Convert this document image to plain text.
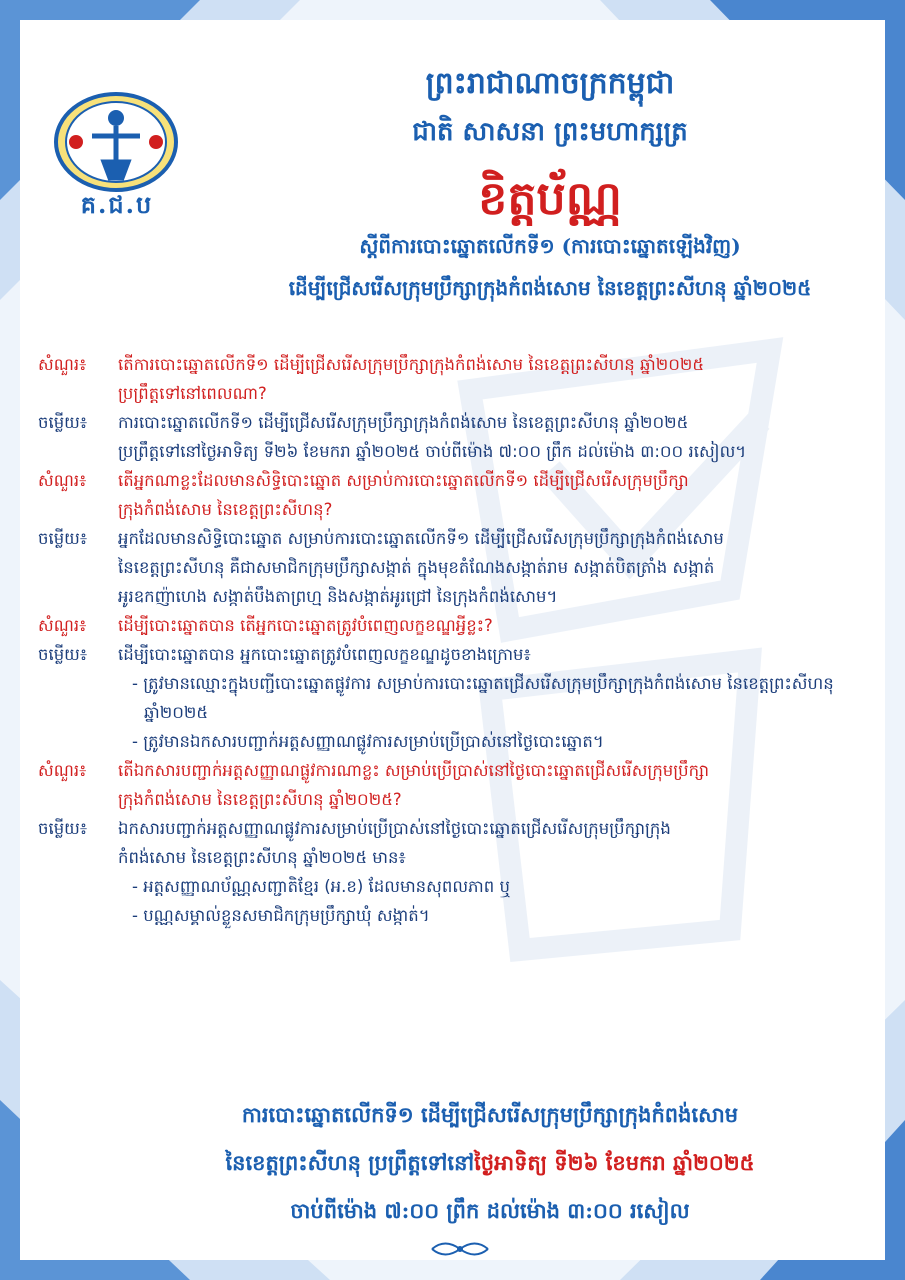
គ.ជ.ប
ព្រះរាជាណាចក្រកម្ពុជា
ជាតិ សាសនា ព្រះមហាក្សត្រ
ខិត្តប័ណ្ណ
ស្តីពីការបោះឆ្នោតលើកទី១ (ការបោះឆ្នោតឡើងវិញ)
ដើម្បីជ្រើសរើសក្រុមប្រឹក្សាក្រុងកំពង់សោម នៃខេត្តព្រះសីហនុ ឆ្នាំ២០២៥
សំណួរ៖	តើការបោះឆ្នោតលើកទី១ ដើម្បីជ្រើសរើសក្រុមប្រឹក្សាក្រុងកំពង់សោម នៃខេត្តព្រះសីហនុ ឆ្នាំ២០២៥
ប្រព្រឹត្តទៅនៅពេលណា?
ចម្លើយ៖	ការបោះឆ្នោតលើកទី១ ដើម្បីជ្រើសរើសក្រុមប្រឹក្សាក្រុងកំពង់សោម នៃខេត្តព្រះសីហនុ ឆ្នាំ២០២៥
ប្រព្រឹត្តទៅនៅថ្ងៃអាទិត្យ ទី២៦ ខែមករា ឆ្នាំ២០២៥ ចាប់ពីម៉ោង ៧:០០ ព្រឹក ដល់ម៉ោង ៣:០០ រសៀល។
សំណួរ៖	តើអ្នកណាខ្លះដែលមានសិទ្ធិបោះឆ្នោត សម្រាប់ការបោះឆ្នោតលើកទី១ ដើម្បីជ្រើសរើសក្រុមប្រឹក្សា
ក្រុងកំពង់សោម នៃខេត្តព្រះសីហនុ?
ចម្លើយ៖	អ្នកដែលមានសិទ្ធិបោះឆ្នោត សម្រាប់ការបោះឆ្នោតលើកទី១ ដើម្បីជ្រើសរើសក្រុមប្រឹក្សាក្រុងកំពង់សោម
នៃខេត្តព្រះសីហនុ គឺជាសមាជិកក្រុមប្រឹក្សាសង្កាត់ ក្នុងមុខតំណែងសង្កាត់រាម សង្កាត់បិតត្រាំង សង្កាត់
អូរឧកញ៉ាហេង សង្កាត់បឹងតាព្រហ្ម និងសង្កាត់អូរជ្រៅ នៃក្រុងកំពង់សោម។
សំណួរ៖	ដើម្បីបោះឆ្នោតបាន តើអ្នកបោះឆ្នោតត្រូវបំពេញលក្ខខណ្ឌអ្វីខ្លះ?
ចម្លើយ៖	ដើម្បីបោះឆ្នោតបាន អ្នកបោះឆ្នោតត្រូវបំពេញលក្ខខណ្ឌដូចខាងក្រោម៖
- ត្រូវមានឈ្មោះក្នុងបញ្ជីបោះឆ្នោតផ្លូវការ សម្រាប់ការបោះឆ្នោតជ្រើសរើសក្រុមប្រឹក្សាក្រុងកំពង់សោម នៃខេត្តព្រះសីហនុ ឆ្នាំ២០២៥
- ត្រូវមានឯកសារបញ្ជាក់អត្តសញ្ញាណផ្លូវការសម្រាប់ប្រើប្រាស់នៅថ្ងៃបោះឆ្នោត។
សំណួរ៖	តើឯកសារបញ្ជាក់អត្តសញ្ញាណផ្លូវការណាខ្លះ សម្រាប់ប្រើប្រាស់នៅថ្ងៃបោះឆ្នោតជ្រើសរើសក្រុមប្រឹក្សា
ក្រុងកំពង់សោម នៃខេត្តព្រះសីហនុ ឆ្នាំ២០២៥?
ចម្លើយ៖	ឯកសារបញ្ជាក់អត្តសញ្ញាណផ្លូវការសម្រាប់ប្រើប្រាស់នៅថ្ងៃបោះឆ្នោតជ្រើសរើសក្រុមប្រឹក្សាក្រុង
កំពង់សោម នៃខេត្តព្រះសីហនុ ឆ្នាំ២០២៥ មាន៖
- អត្តសញ្ញាណប័ណ្ណសញ្ជាតិខ្មែរ (អ.ខ) ដែលមានសុពលភាព ឬ
- បណ្ណសម្គាល់ខ្លួនសមាជិកក្រុមប្រឹក្សាឃុំ សង្កាត់។
ការបោះឆ្នោតលើកទី១ ដើម្បីជ្រើសរើសក្រុមប្រឹក្សាក្រុងកំពង់សោម
នៃខេត្តព្រះសីហនុ ប្រព្រឹត្តទៅនៅថ្ងៃអាទិត្យ ទី២៦ ខែមករា ឆ្នាំ២០២៥
ចាប់ពីម៉ោង ៧:០០ ព្រឹក ដល់ម៉ោង ៣:០០ រសៀល
